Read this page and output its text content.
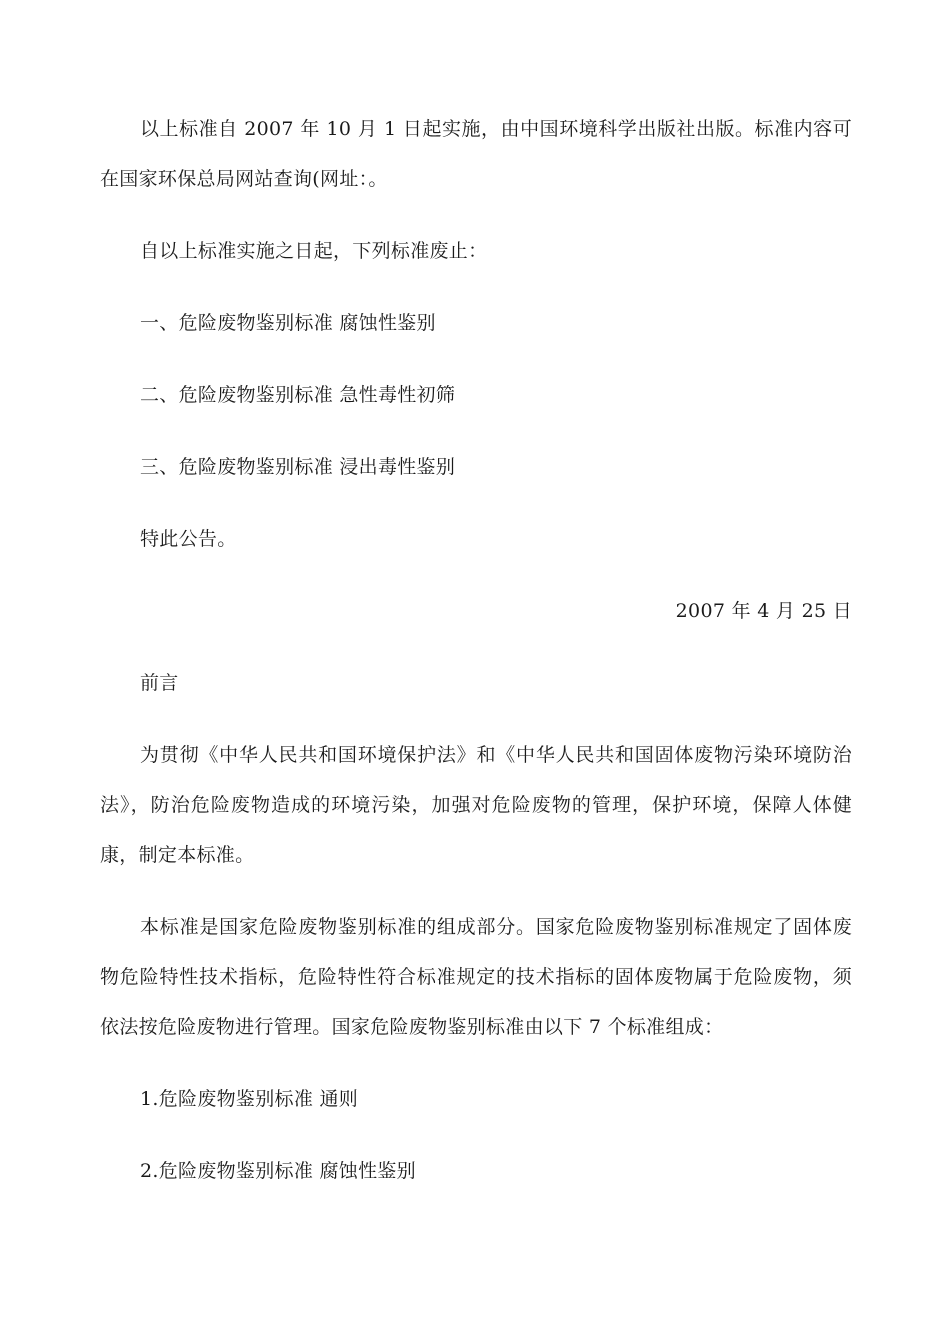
以上标准自 2007 年 10 月 1 日起实施，由中国环境科学出版社出版。标准内容可在国家环保总局网站查询(网址：。

自以上标准实施之日起，下列标准废止：

一、危险废物鉴别标准 腐蚀性鉴别

二、危险废物鉴别标准 急性毒性初筛

三、危险废物鉴别标准 浸出毒性鉴别

特此公告。

2007 年 4 月 25 日

前言

为贯彻《中华人民共和国环境保护法》和《中华人民共和国固体废物污染环境防治法》，防治危险废物造成的环境污染，加强对危险废物的管理，保护环境，保障人体健康，制定本标准。

本标准是国家危险废物鉴别标准的组成部分。国家危险废物鉴别标准规定了固体废物危险特性技术指标，危险特性符合标准规定的技术指标的固体废物属于危险废物，须依法按危险废物进行管理。国家危险废物鉴别标准由以下 7 个标准组成：

1.危险废物鉴别标准 通则

2.危险废物鉴别标准 腐蚀性鉴别
